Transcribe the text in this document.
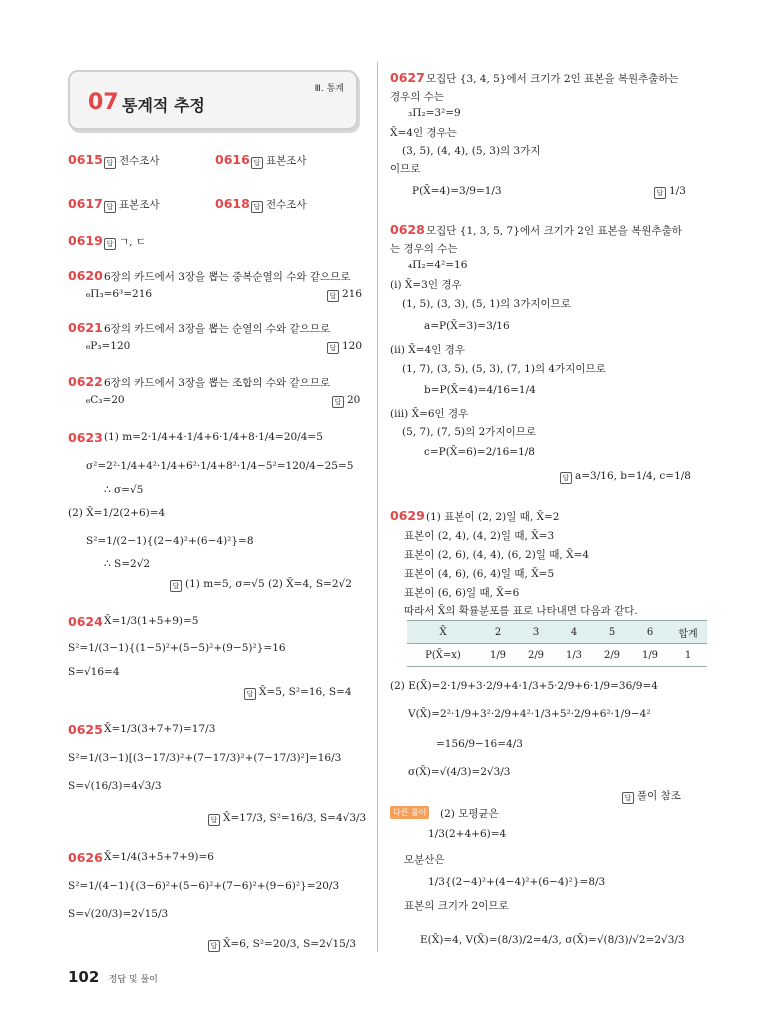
07 통계적 추정
Ⅲ. 통계
0615 답 전수조사	0616 답 표본조사
0617 답 표본조사	0618 답 전수조사
0619 답 ㄱ, ㄷ
0620 6장의 카드에서 3장을 뽑는 중복순열의 수와 같으므로
₆Π₃=6³=216	답 216
0621 6장의 카드에서 3장을 뽑는 순열의 수와 같으므로
₆P₃=120	답 120
0622 6장의 카드에서 3장을 뽑는 조합의 수와 같으므로
₆C₃=20	답 20
0623 (1) m=2·1/4+4·1/4+6·1/4+8·1/4=20/4=5
σ²=2²·1/4+4²·1/4+6²·1/4+8²·1/4−5²=120/4−25=5
∴ σ=√5
(2) X̄=1/2(2+6)=4
S²=1/(2−1){(2−4)²+(6−4)²}=8
∴ S=2√2
답 (1) m=5, σ=√5 (2) X̄=4, S=2√2
0624 X̄=1/3(1+5+9)=5
S²=1/(3−1){(1−5)²+(5−5)²+(9−5)²}=16
S=√16=4
답 X̄=5, S²=16, S=4
0625 X̄=1/3(3+7+7)=17/3
S²=1/(3−1)[(3−17/3)²+(7−17/3)²+(7−17/3)²]=16/3
S=√(16/3)=4√3/3
답 X̄=17/3, S²=16/3, S=4√3/3
0626 X̄=1/4(3+5+7+9)=6
S²=1/(4−1){(3−6)²+(5−6)²+(7−6)²+(9−6)²}=20/3
S=√(20/3)=2√15/3
답 X̄=6, S²=20/3, S=2√15/3
0627 모집단 {3, 4, 5}에서 크기가 2인 표본을 복원추출하는
경우의 수는
₃Π₂=3²=9
X̄=4인 경우는
(3, 5), (4, 4), (5, 3)의 3가지
이므로
P(X̄=4)=3/9=1/3	답 1/3
0628 모집단 {1, 3, 5, 7}에서 크기가 2인 표본을 복원추출하
는 경우의 수는
₄Π₂=4²=16
(ⅰ) X̄=3인 경우
(1, 5), (3, 3), (5, 1)의 3가지이므로
a=P(X̄=3)=3/16
(ⅱ) X̄=4인 경우
(1, 7), (3, 5), (5, 3), (7, 1)의 4가지이므로
b=P(X̄=4)=4/16=1/4
(ⅲ) X̄=6인 경우
(5, 7), (7, 5)의 2가지이므로
c=P(X̄=6)=2/16=1/8
답 a=3/16, b=1/4, c=1/8
0629 (1) 표본이 (2, 2)일 때, X̄=2
표본이 (2, 4), (4, 2)일 때, X̄=3
표본이 (2, 6), (4, 4), (6, 2)일 때, X̄=4
표본이 (4, 6), (6, 4)일 때, X̄=5
표본이 (6, 6)일 때, X̄=6
따라서 X̄의 확률분포를 표로 나타내면 다음과 같다.
X̄	2	3	4	5	6	합계
P(X̄=x)	1/9	2/9	1/3	2/9	1/9	1
(2) E(X̄)=2·1/9+3·2/9+4·1/3+5·2/9+6·1/9=36/9=4
V(X̄)=2²·1/9+3²·2/9+4²·1/3+5²·2/9+6²·1/9−4²
=156/9−16=4/3
σ(X̄)=√(4/3)=2√3/3
답 풀이 참조
다른 풀이 (2) 모평균은
1/3(2+4+6)=4
모분산은
1/3{(2−4)²+(4−4)²+(6−4)²}=8/3
표본의 크기가 2이므로
E(X̄)=4, V(X̄)=(8/3)/2=4/3, σ(X̄)=√(8/3)/√2=2√3/3
102 정답 및 풀이
